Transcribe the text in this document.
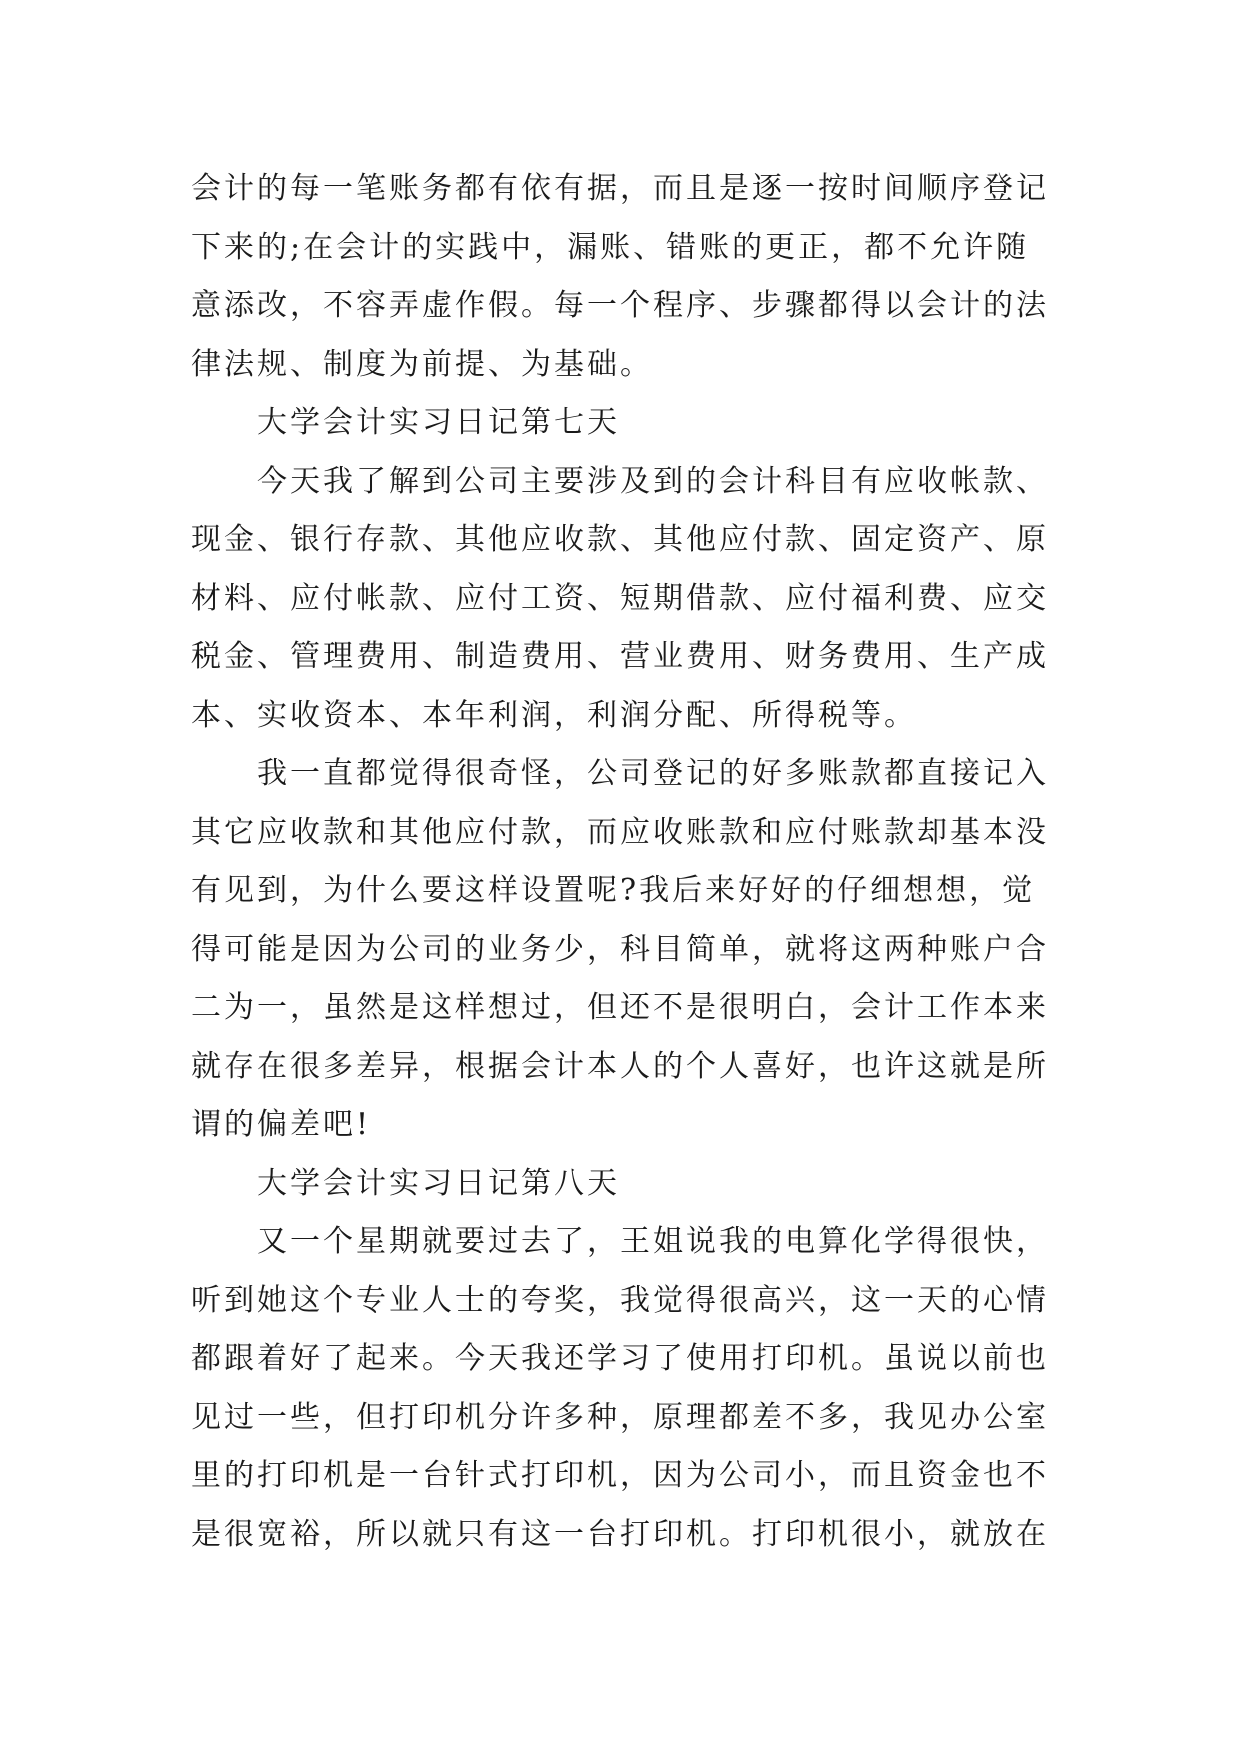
会计的每一笔账务都有依有据，而且是逐一按时间顺序登记
下来的;在会计的实践中，漏账、错账的更正，都不允许随
意添改，不容弄虚作假。每一个程序、步骤都得以会计的法
律法规、制度为前提、为基础。
大学会计实习日记第七天
今天我了解到公司主要涉及到的会计科目有应收帐款、
现金、银行存款、其他应收款、其他应付款、固定资产、原
材料、应付帐款、应付工资、短期借款、应付福利费、应交
税金、管理费用、制造费用、营业费用、财务费用、生产成
本、实收资本、本年利润，利润分配、所得税等。
我一直都觉得很奇怪，公司登记的好多账款都直接记入
其它应收款和其他应付款，而应收账款和应付账款却基本没
有见到，为什么要这样设置呢?我后来好好的仔细想想，觉
得可能是因为公司的业务少，科目简单，就将这两种账户合
二为一，虽然是这样想过，但还不是很明白，会计工作本来
就存在很多差异，根据会计本人的个人喜好，也许这就是所
谓的偏差吧!
大学会计实习日记第八天
又一个星期就要过去了，王姐说我的电算化学得很快，
听到她这个专业人士的夸奖，我觉得很高兴，这一天的心情
都跟着好了起来。今天我还学习了使用打印机。虽说以前也
见过一些，但打印机分许多种，原理都差不多，我见办公室
里的打印机是一台针式打印机，因为公司小，而且资金也不
是很宽裕，所以就只有这一台打印机。打印机很小，就放在
